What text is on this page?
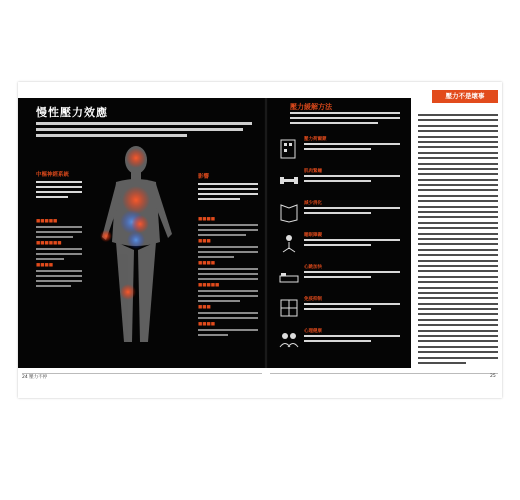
慢性壓力效應
中樞神經系統
■■■■■
■■■■■■
■■■■
影響
■■■■
■■■
■■■■
■■■■■
■■■
■■■■
壓力緩解方法
壓力荷爾蒙
肌肉緊繃
減少消化
睡眠障礙
心跳加快
免疫抑制
心理健康
壓力不是壞事
24 壓力不停	25
